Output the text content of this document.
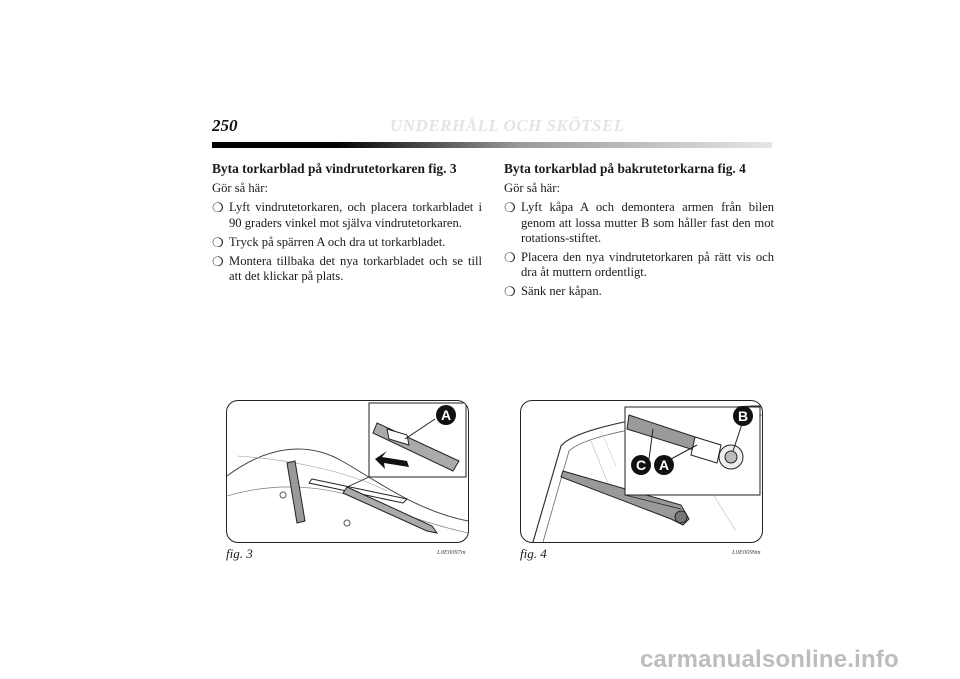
250	UNDERHÅLL OCH SKÖTSEL
Byta torkarblad på vindrutetorkaren fig. 3
Gör så här:
❍ Lyft vindrutetorkaren, och placera torkarbladet i 90 graders vinkel mot själva vindrutetorkaren.
❍ Tryck på spärren A och dra ut torkarbladet.
❍ Montera tillbaka det nya torkarbladet och se till att det klickar på plats.
Byta torkarblad på bakrutetorkarna fig. 4
Gör så här:
❍ Lyft kåpa A och demontera armen från bilen genom att lossa mutter B som håller fast den mot rotations-stiftet.
❍ Placera den nya vindrutetorkaren på rätt vis och dra åt muttern ordentligt.
❍ Sänk ner kåpan.
A
fig. 3	L0E0097m
B
C A
fig. 4	L0E0099m
carmanualsonline.info
